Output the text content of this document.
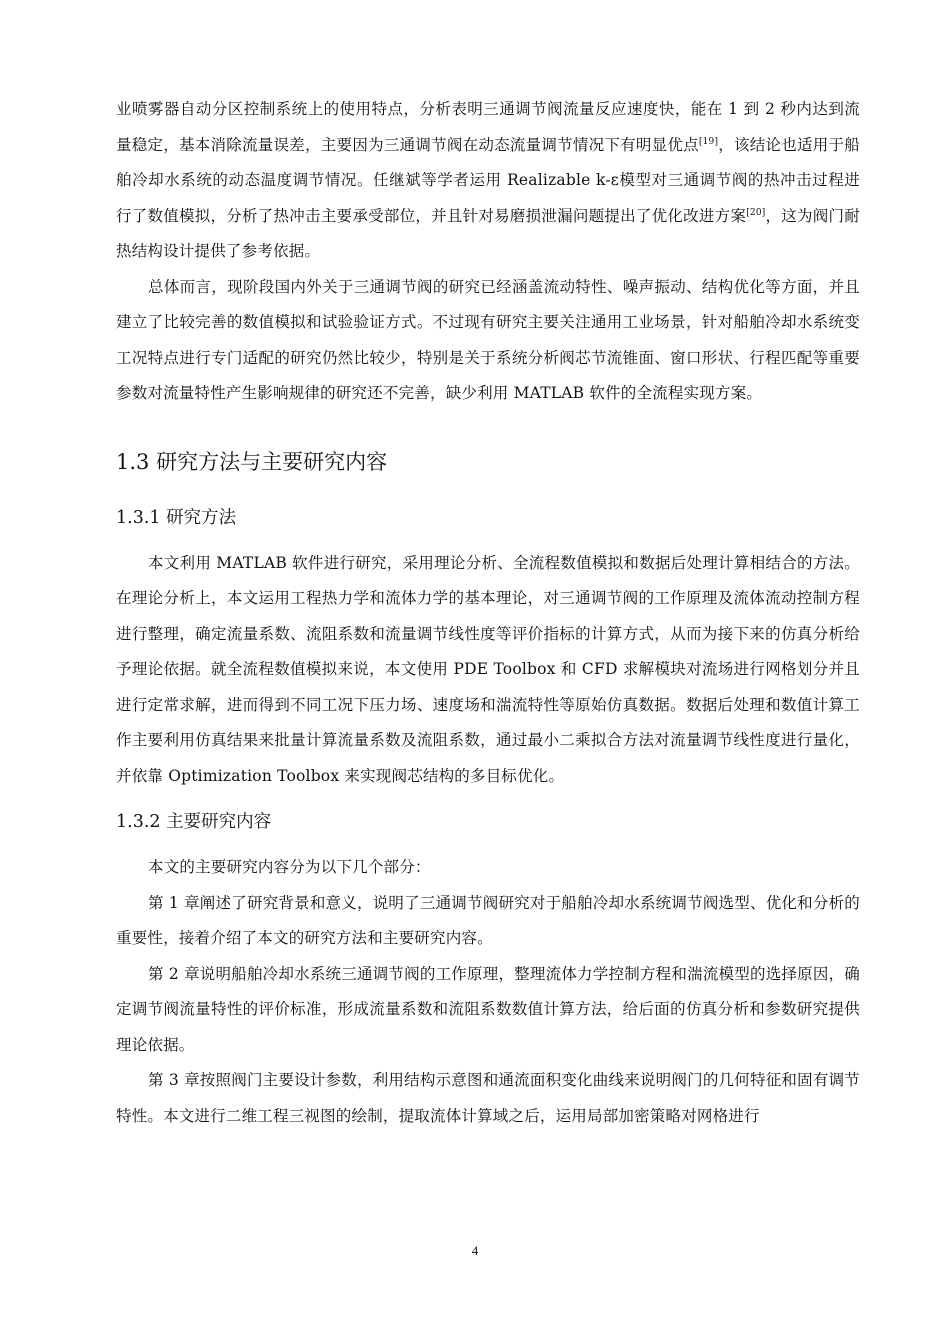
业喷雾器自动分区控制系统上的使用特点，分析表明三通调节阀流量反应速度快，能在 1 到 2 秒内达到流量稳定，基本消除流量误差，主要因为三通调节阀在动态流量调节情况下有明显优点[19]，该结论也适用于船舶冷却水系统的动态温度调节情况。任继斌等学者运用 Realizable k-ε模型对三通调节阀的热冲击过程进行了数值模拟，分析了热冲击主要承受部位，并且针对易磨损泄漏问题提出了优化改进方案[20]，这为阀门耐热结构设计提供了参考依据。

总体而言，现阶段国内外关于三通调节阀的研究已经涵盖流动特性、噪声振动、结构优化等方面，并且建立了比较完善的数值模拟和试验验证方式。不过现有研究主要关注通用工业场景，针对船舶冷却水系统变工况特点进行专门适配的研究仍然比较少，特别是关于系统分析阀芯节流锥面、窗口形状、行程匹配等重要参数对流量特性产生影响规律的研究还不完善，缺少利用 MATLAB 软件的全流程实现方案。

1.3 研究方法与主要研究内容
1.3.1 研究方法

本文利用 MATLAB 软件进行研究，采用理论分析、全流程数值模拟和数据后处理计算相结合的方法。在理论分析上，本文运用工程热力学和流体力学的基本理论，对三通调节阀的工作原理及流体流动控制方程进行整理，确定流量系数、流阻系数和流量调节线性度等评价指标的计算方式，从而为接下来的仿真分析给予理论依据。就全流程数值模拟来说，本文使用 PDE Toolbox 和 CFD 求解模块对流场进行网格划分并且进行定常求解，进而得到不同工况下压力场、速度场和湍流特性等原始仿真数据。数据后处理和数值计算工作主要利用仿真结果来批量计算流量系数及流阻系数，通过最小二乘拟合方法对流量调节线性度进行量化，并依靠 Optimization Toolbox 来实现阀芯结构的多目标优化。

1.3.2 主要研究内容

本文的主要研究内容分为以下几个部分：

第 1 章阐述了研究背景和意义，说明了三通调节阀研究对于船舶冷却水系统调节阀选型、优化和分析的重要性，接着介绍了本文的研究方法和主要研究内容。

第 2 章说明船舶冷却水系统三通调节阀的工作原理，整理流体力学控制方程和湍流模型的选择原因，确定调节阀流量特性的评价标准，形成流量系数和流阻系数数值计算方法，给后面的仿真分析和参数研究提供理论依据。

第 3 章按照阀门主要设计参数，利用结构示意图和通流面积变化曲线来说明阀门的几何特征和固有调节特性。本文进行二维工程三视图的绘制，提取流体计算域之后，运用局部加密策略对网格进行

4
